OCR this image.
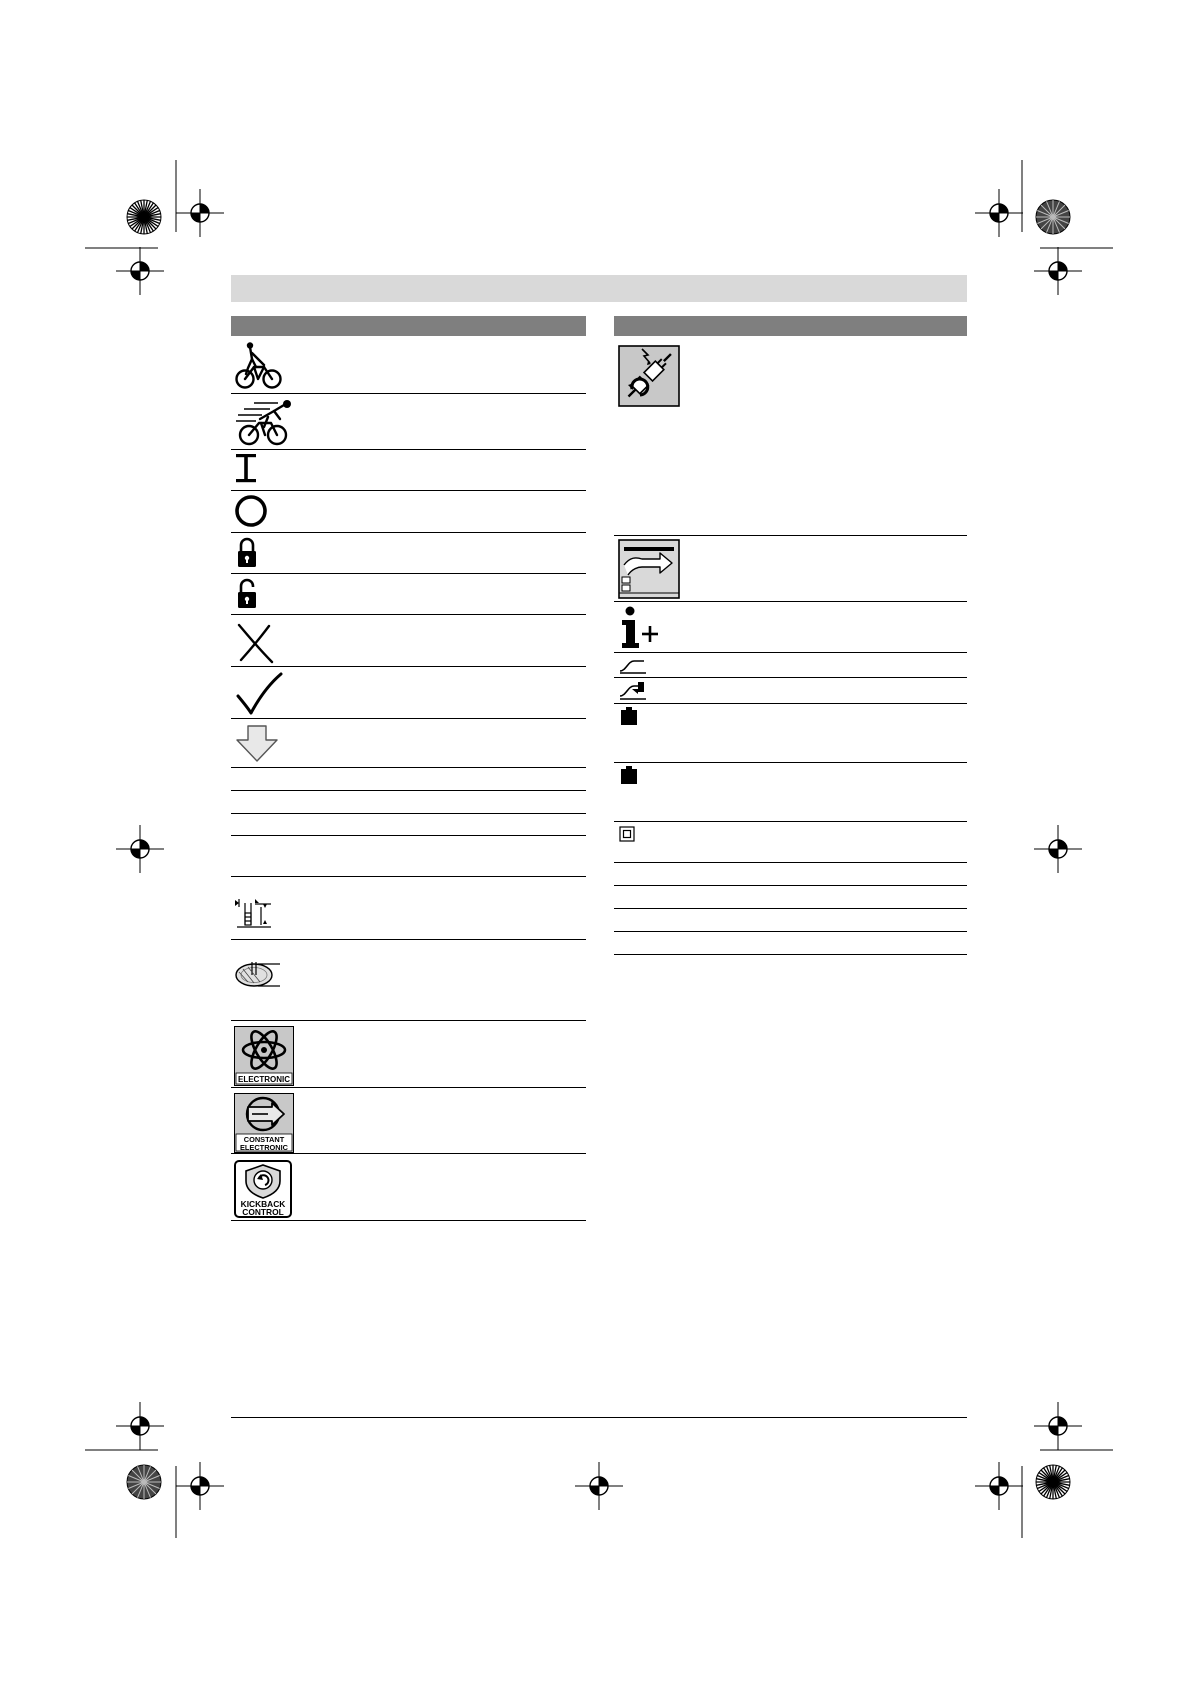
ELECTRONIC
CONSTANT
ELECTRONIC
KICKBACK
CONTROL
